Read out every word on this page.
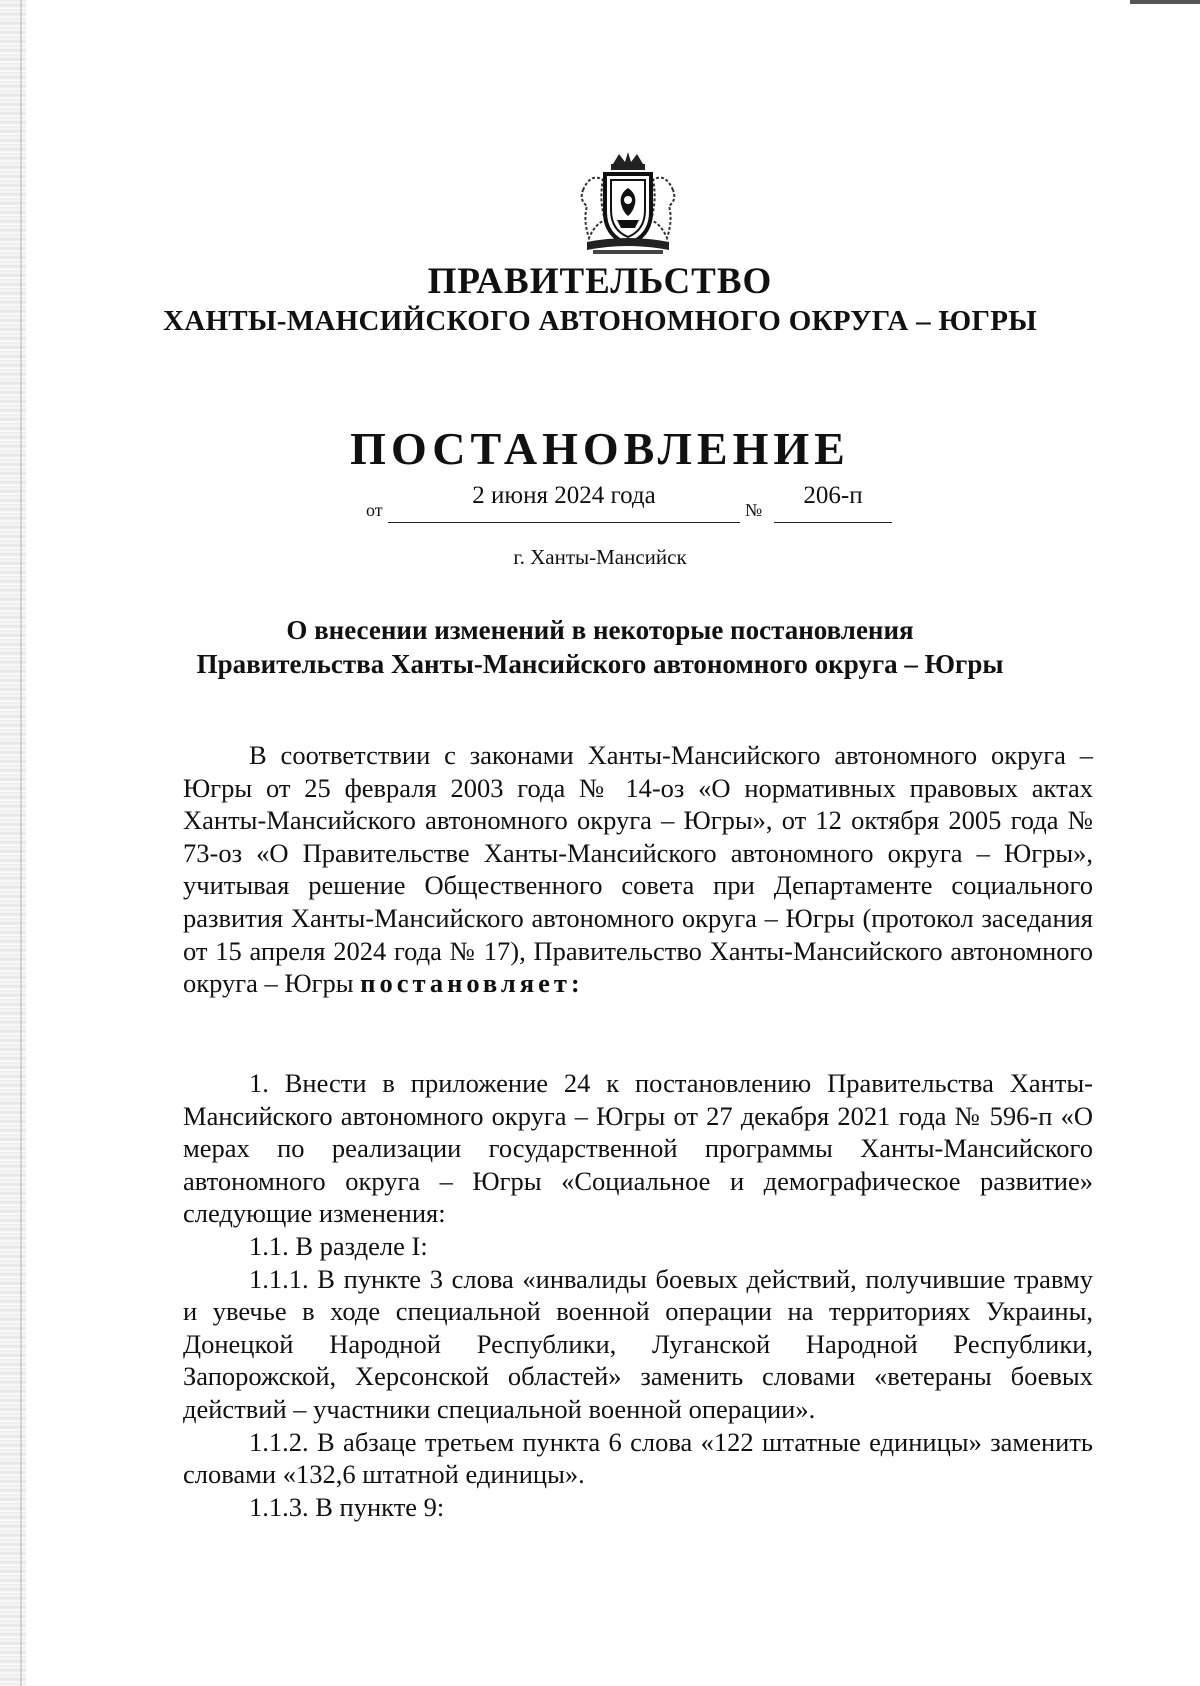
ПРАВИТЕЛЬСТВО
ХАНТЫ-МАНСИЙСКОГО АВТОНОМНОГО ОКРУГА – ЮГРЫ
ПОСТАНОВЛЕНИЕ
от
2 июня 2024 года
№
206-п
г. Ханты-Мансийск
О внесении изменений в некоторые постановления
Правительства Ханты-Мансийского автономного округа – Югры

В соответствии с законами Ханты-Мансийского автономного округа – Югры от 25 февраля 2003 года № 14-оз «О нормативных правовых актах Ханты-Мансийского автономного округа – Югры», от 12 октября 2005 года № 73-оз «О Правительстве Ханты-Мансийского автономного округа – Югры», учитывая решение Общественного совета при Департаменте социального развития Ханты-Мансийского автономного округа – Югры (протокол заседания от 15 апреля 2024 года № 17), Правительство Ханты-Мансийского автономного округа – Югры постановляет:

1. Внести в приложение 24 к постановлению Правительства Ханты-Мансийского автономного округа – Югры от 27 декабря 2021 года № 596-п «О мерах по реализации государственной программы Ханты-Мансийского автономного округа – Югры «Социальное и демографическое развитие» следующие изменения:

1.1. В разделе I:

1.1.1. В пункте 3 слова «инвалиды боевых действий, получившие травму и увечье в ходе специальной военной операции на территориях Украины, Донецкой Народной Республики, Луганской Народной Республики, Запорожской, Херсонской областей» заменить словами «ветераны боевых действий – участники специальной военной операции».

1.1.2. В абзаце третьем пункта 6 слова «122 штатные единицы» заменить словами «132,6 штатной единицы».

1.1.3. В пункте 9:
